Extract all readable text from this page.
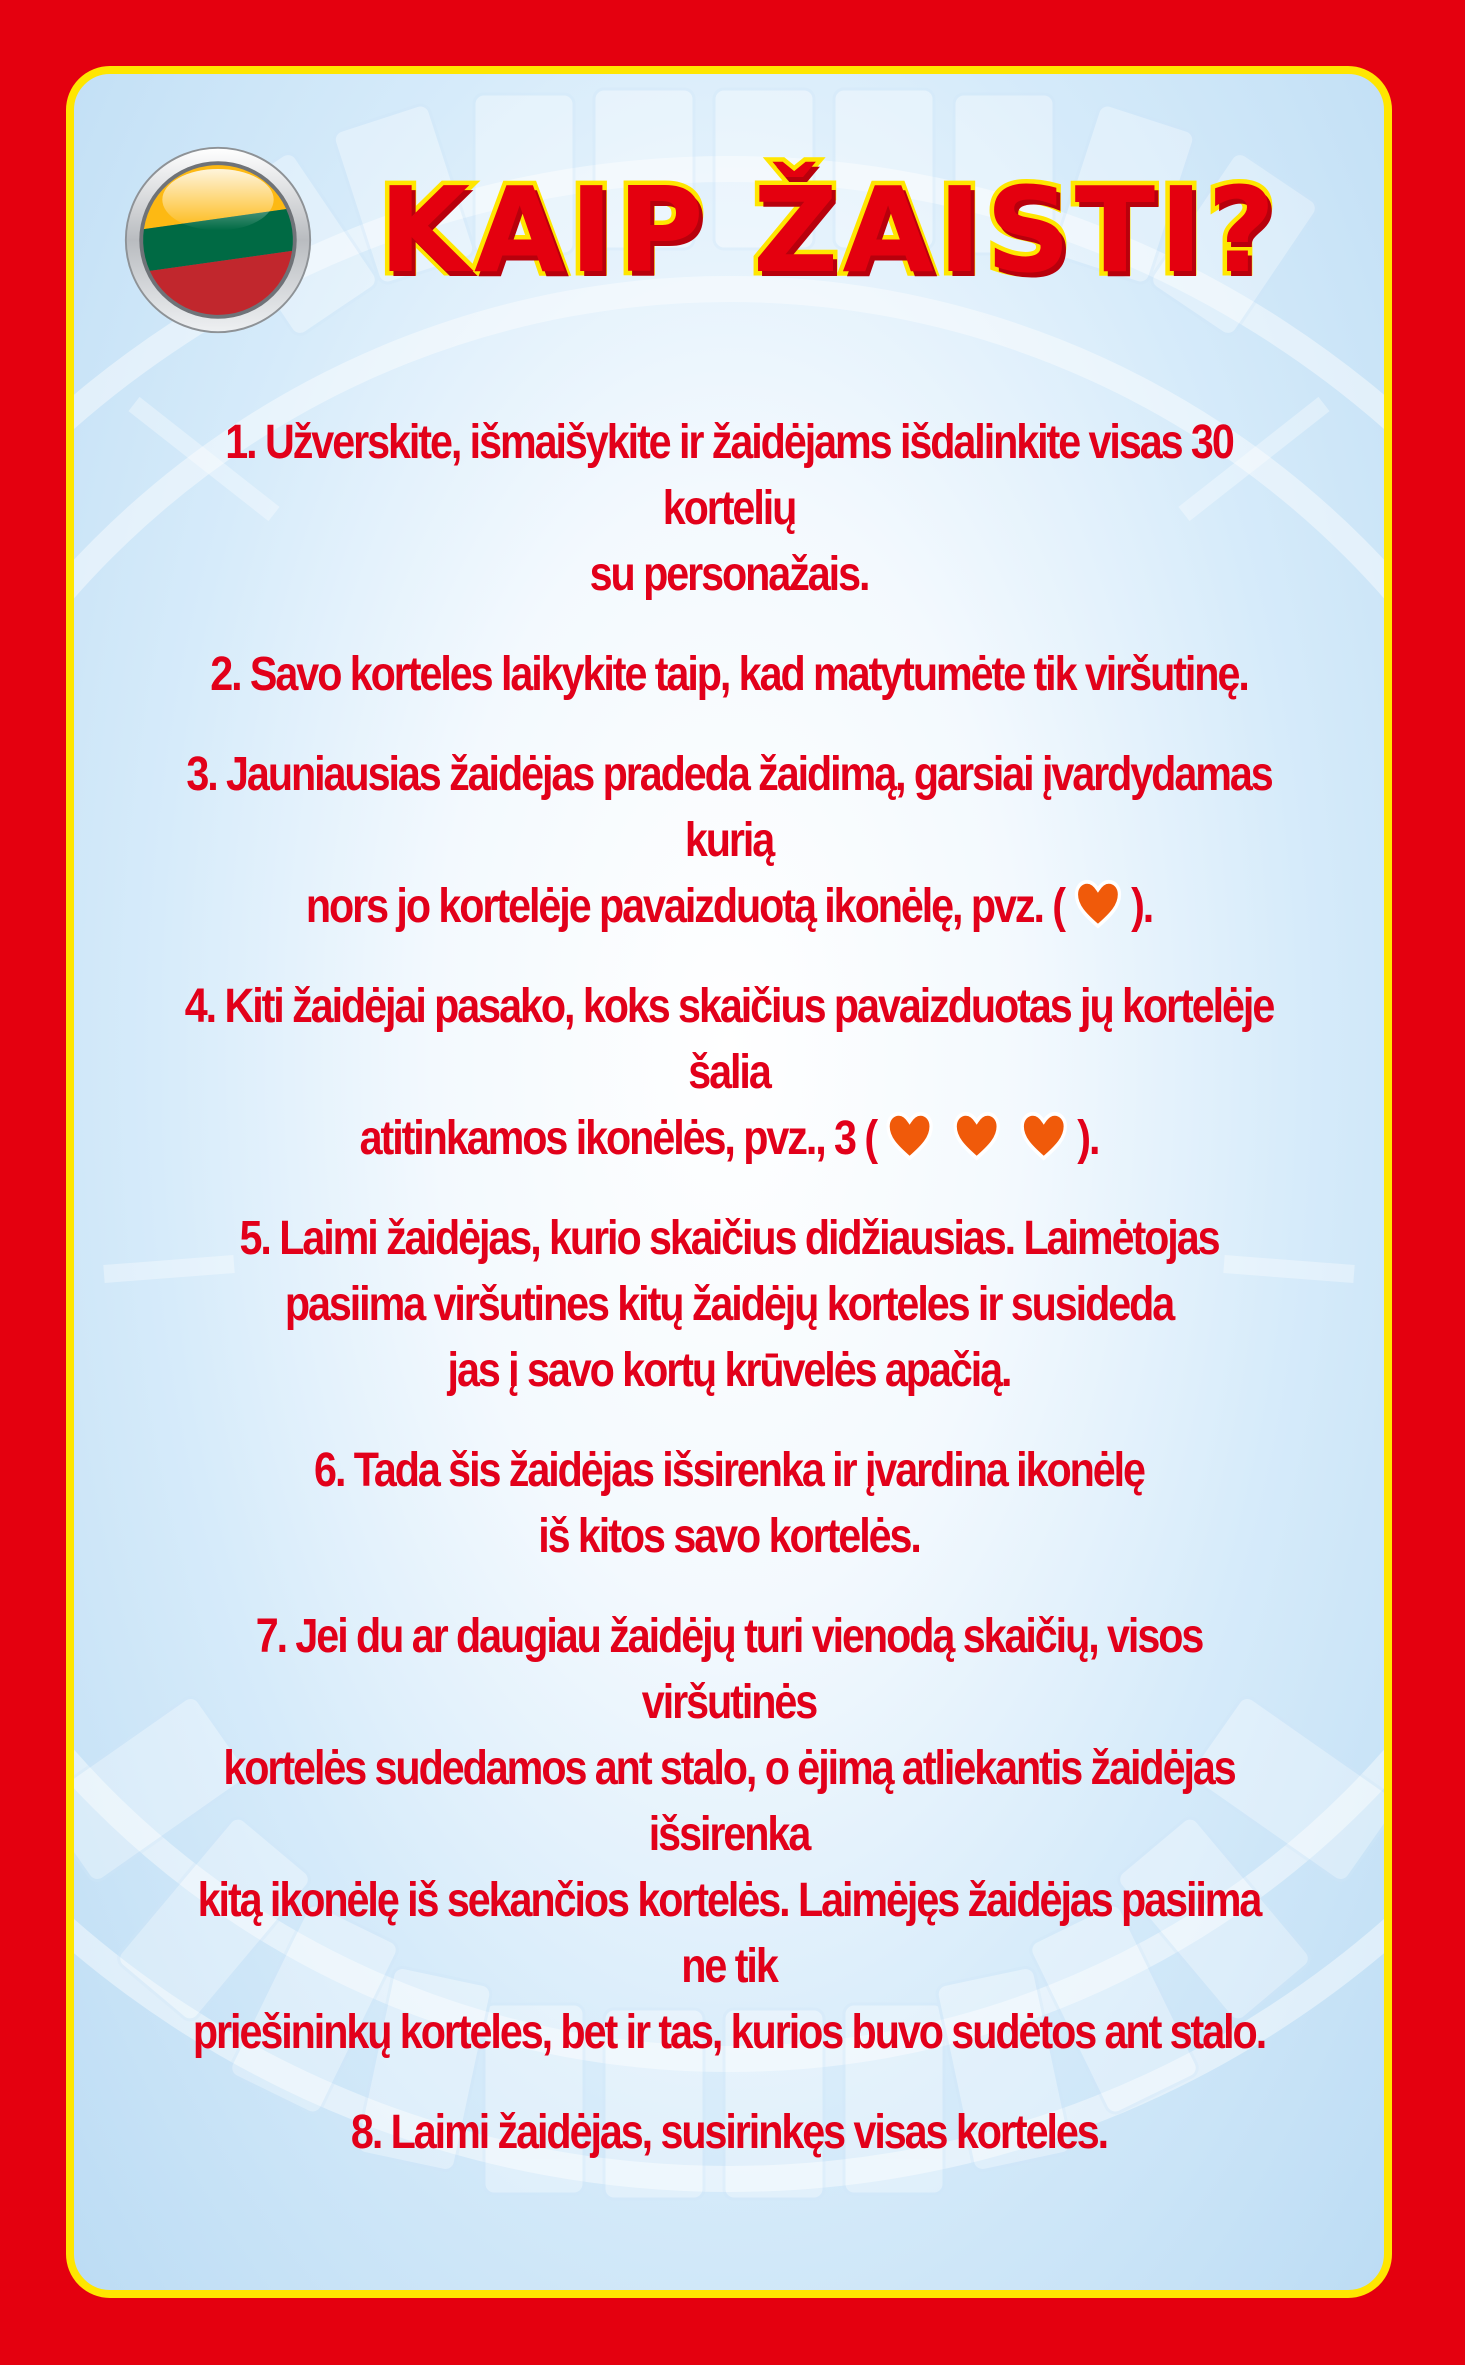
KAIP ŽAISTI?
1. Užverskite, išmaišykite ir žaidėjams išdalinkite visas 30 kortelių
su personažais.
2. Savo korteles laikykite taip, kad matytumėte tik viršutinę.
3. Jauniausias žaidėjas pradeda žaidimą, garsiai įvardydamas kurią
nors jo kortelėje pavaizduotą ikonėlę, pvz. ( ).
4. Kiti žaidėjai pasako, koks skaičius pavaizduotas jų kortelėje šalia
atitinkamos ikonėlės, pvz., 3 (	).
5. Laimi žaidėjas, kurio skaičius didžiausias. Laimėtojas
pasiima viršutines kitų žaidėjų korteles ir susideda
jas į savo kortų krūvelės apačią.
6. Tada šis žaidėjas išsirenka ir įvardina ikonėlę
iš kitos savo kortelės.
7. Jei du ar daugiau žaidėjų turi vienodą skaičių, visos viršutinės
kortelės sudedamos ant stalo, o ėjimą atliekantis žaidėjas išsirenka
kitą ikonėlę iš sekančios kortelės. Laimėjęs žaidėjas pasiima ne tik
priešininkų korteles, bet ir tas, kurios buvo sudėtos ant stalo.
8. Laimi žaidėjas, susirinkęs visas korteles.
